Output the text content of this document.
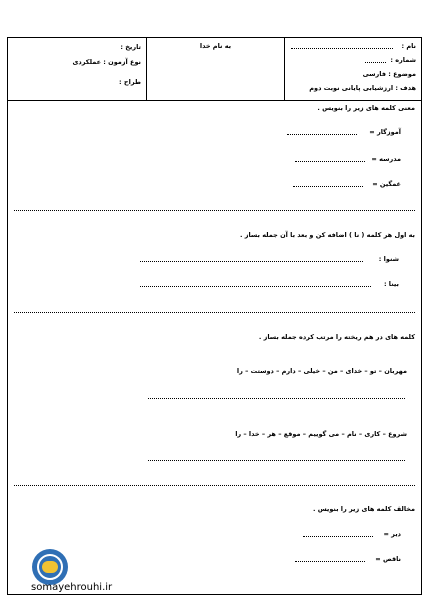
نام :
شماره :
موضوع : فارسی
هدف : ارزشیابی پایانی نوبت دوم
به نام خدا
تاریخ :
نوع آزمون : عملکردی
طراح :
معنی کلمه های زیر را بنویس .
آموزگار =
مدرسه =
غمگین =
به اول هر کلمه ( نا ) اضافه کن و بعد با آن جمله بساز .
شنوا :
بینا :
کلمه های در هم ریخته را مرتب کرده جمله بساز .
مهربان – تو – خدای – من – خیلی – دارم – دوستت – را
شروع – کاری – نام – می گوییم – موقع – هر – خدا – را
مخالف کلمه های زیر را بنویس .
دیر =
ناقص =
somayehrouhi.ir
